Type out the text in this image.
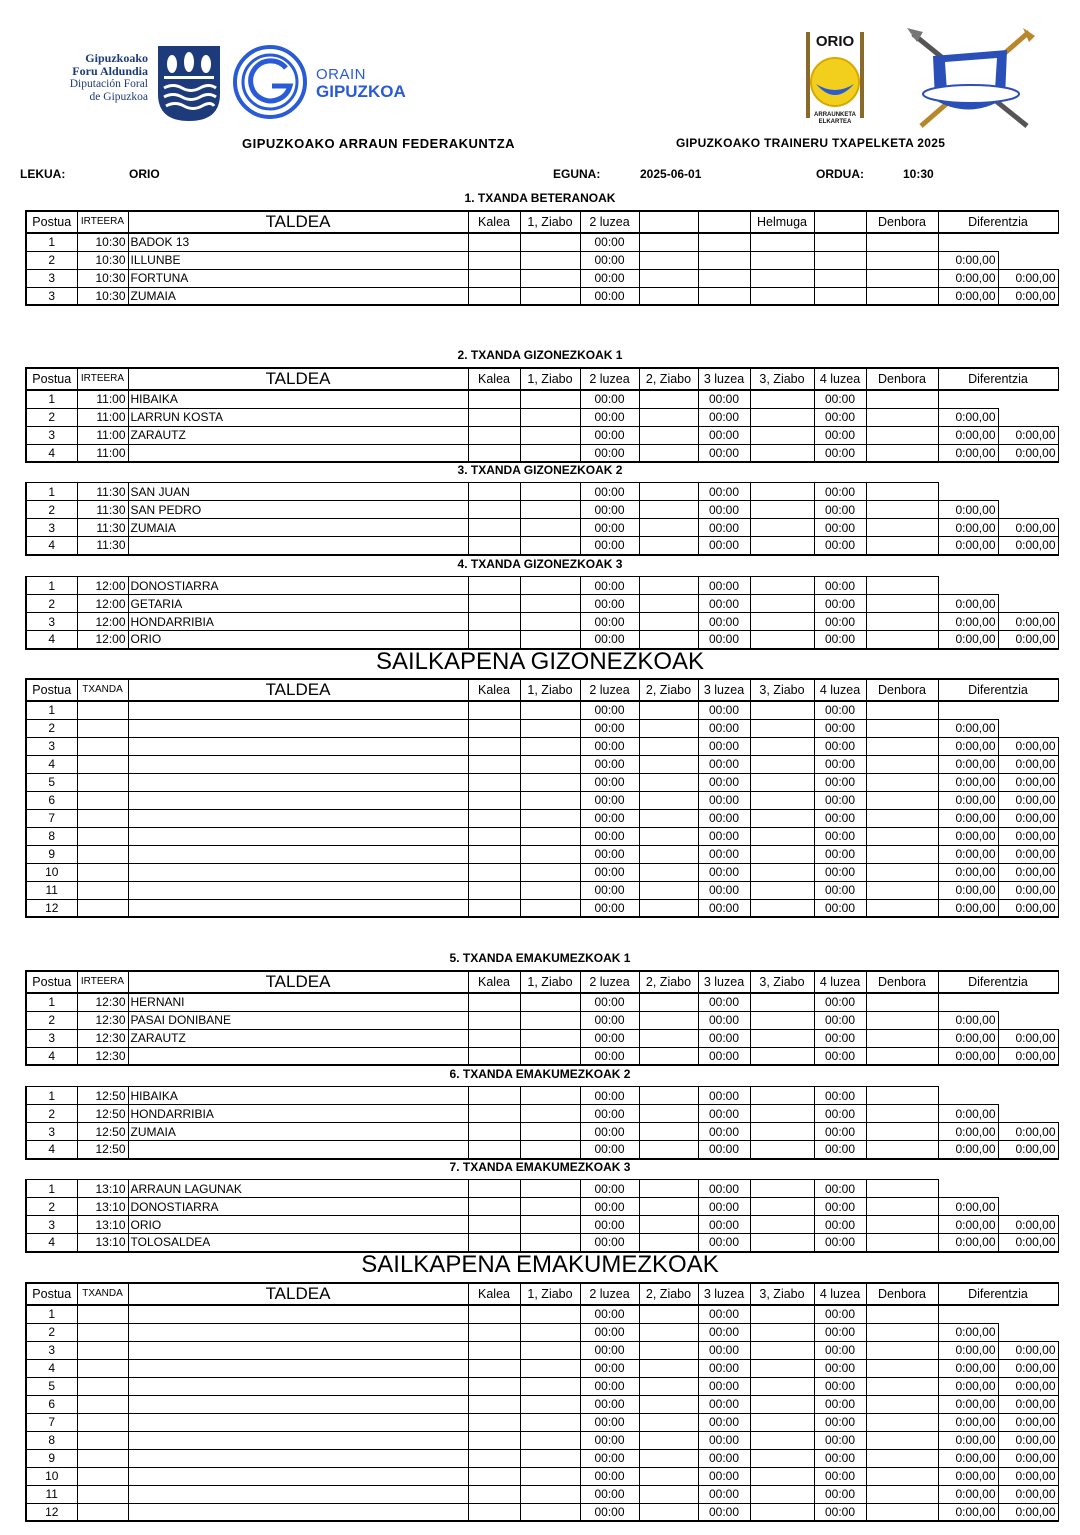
Gipuzkoako
Foru Aldundia
Diputación Foral
de Gipuzkoa
ORAIN
GIPUZKOA
ORIO
ARRAUNKETA
ELKARTEA
GIPUZKOAKO ARRAUN FEDERAKUNTZA	GIPUZKOAKO TRAINERU TXAPELKETA 2025
LEKUA:	ORIO	EGUNA:	2025-06-01	ORDUA:	10:30
1. TXANDA BETERANOAK
Postua	IRTEERA	TALDEA	Kalea	1, Ziabo	2 luzea			Helmuga		Denbora	Diferentzia	
1	10:30	BADOK 13			00:00							
2	10:30	ILLUNBE			00:00						0:00,00	
3	10:30	FORTUNA			00:00						0:00,00	0:00,00
3	10:30	ZUMAIA			00:00						0:00,00	0:00,00
2. TXANDA GIZONEZKOAK 1
Postua	IRTEERA	TALDEA	Kalea	1, Ziabo	2 luzea	2, Ziabo	3 luzea	3, Ziabo	4 luzea	Denbora	Diferentzia	
1	11:00	HIBAIKA			00:00		00:00		00:00			
2	11:00	LARRUN KOSTA			00:00		00:00		00:00		0:00,00	
3	11:00	ZARAUTZ			00:00		00:00		00:00		0:00,00	0:00,00
4	11:00				00:00		00:00		00:00		0:00,00	0:00,00
3. TXANDA GIZONEZKOAK 2
1	11:30	SAN JUAN			00:00		00:00		00:00			
2	11:30	SAN PEDRO			00:00		00:00		00:00		0:00,00	
3	11:30	ZUMAIA			00:00		00:00		00:00		0:00,00	0:00,00
4	11:30				00:00		00:00		00:00		0:00,00	0:00,00
4. TXANDA GIZONEZKOAK 3
1	12:00	DONOSTIARRA			00:00		00:00		00:00			
2	12:00	GETARIA			00:00		00:00		00:00		0:00,00	
3	12:00	HONDARRIBIA			00:00		00:00		00:00		0:00,00	0:00,00
4	12:00	ORIO			00:00		00:00		00:00		0:00,00	0:00,00
SAILKAPENA GIZONEZKOAK
Postua	TXANDA	TALDEA	Kalea	1, Ziabo	2 luzea	2, Ziabo	3 luzea	3, Ziabo	4 luzea	Denbora	Diferentzia	
1					00:00		00:00		00:00			
2					00:00		00:00		00:00		0:00,00	
3					00:00		00:00		00:00		0:00,00	0:00,00
4					00:00		00:00		00:00		0:00,00	0:00,00
5					00:00		00:00		00:00		0:00,00	0:00,00
6					00:00		00:00		00:00		0:00,00	0:00,00
7					00:00		00:00		00:00		0:00,00	0:00,00
8					00:00		00:00		00:00		0:00,00	0:00,00
9					00:00		00:00		00:00		0:00,00	0:00,00
10					00:00		00:00		00:00		0:00,00	0:00,00
11					00:00		00:00		00:00		0:00,00	0:00,00
12					00:00		00:00		00:00		0:00,00	0:00,00
5. TXANDA EMAKUMEZKOAK 1
Postua	IRTEERA	TALDEA	Kalea	1, Ziabo	2 luzea	2, Ziabo	3 luzea	3, Ziabo	4 luzea	Denbora	Diferentzia	
1	12:30	HERNANI			00:00		00:00		00:00			
2	12:30	PASAI DONIBANE			00:00		00:00		00:00		0:00,00	
3	12:30	ZARAUTZ			00:00		00:00		00:00		0:00,00	0:00,00
4	12:30				00:00		00:00		00:00		0:00,00	0:00,00
6. TXANDA EMAKUMEZKOAK 2
1	12:50	HIBAIKA			00:00		00:00		00:00			
2	12:50	HONDARRIBIA			00:00		00:00		00:00		0:00,00	
3	12:50	ZUMAIA			00:00		00:00		00:00		0:00,00	0:00,00
4	12:50				00:00		00:00		00:00		0:00,00	0:00,00
7. TXANDA EMAKUMEZKOAK 3
1	13:10	ARRAUN LAGUNAK			00:00		00:00		00:00			
2	13:10	DONOSTIARRA			00:00		00:00		00:00		0:00,00	
3	13:10	ORIO			00:00		00:00		00:00		0:00,00	0:00,00
4	13:10	TOLOSALDEA			00:00		00:00		00:00		0:00,00	0:00,00
SAILKAPENA EMAKUMEZKOAK
Postua	TXANDA	TALDEA	Kalea	1, Ziabo	2 luzea	2, Ziabo	3 luzea	3, Ziabo	4 luzea	Denbora	Diferentzia	
1					00:00		00:00		00:00			
2					00:00		00:00		00:00		0:00,00	
3					00:00		00:00		00:00		0:00,00	0:00,00
4					00:00		00:00		00:00		0:00,00	0:00,00
5					00:00		00:00		00:00		0:00,00	0:00,00
6					00:00		00:00		00:00		0:00,00	0:00,00
7					00:00		00:00		00:00		0:00,00	0:00,00
8					00:00		00:00		00:00		0:00,00	0:00,00
9					00:00		00:00		00:00		0:00,00	0:00,00
10					00:00		00:00		00:00		0:00,00	0:00,00
11					00:00		00:00		00:00		0:00,00	0:00,00
12					00:00		00:00		00:00		0:00,00	0:00,00
